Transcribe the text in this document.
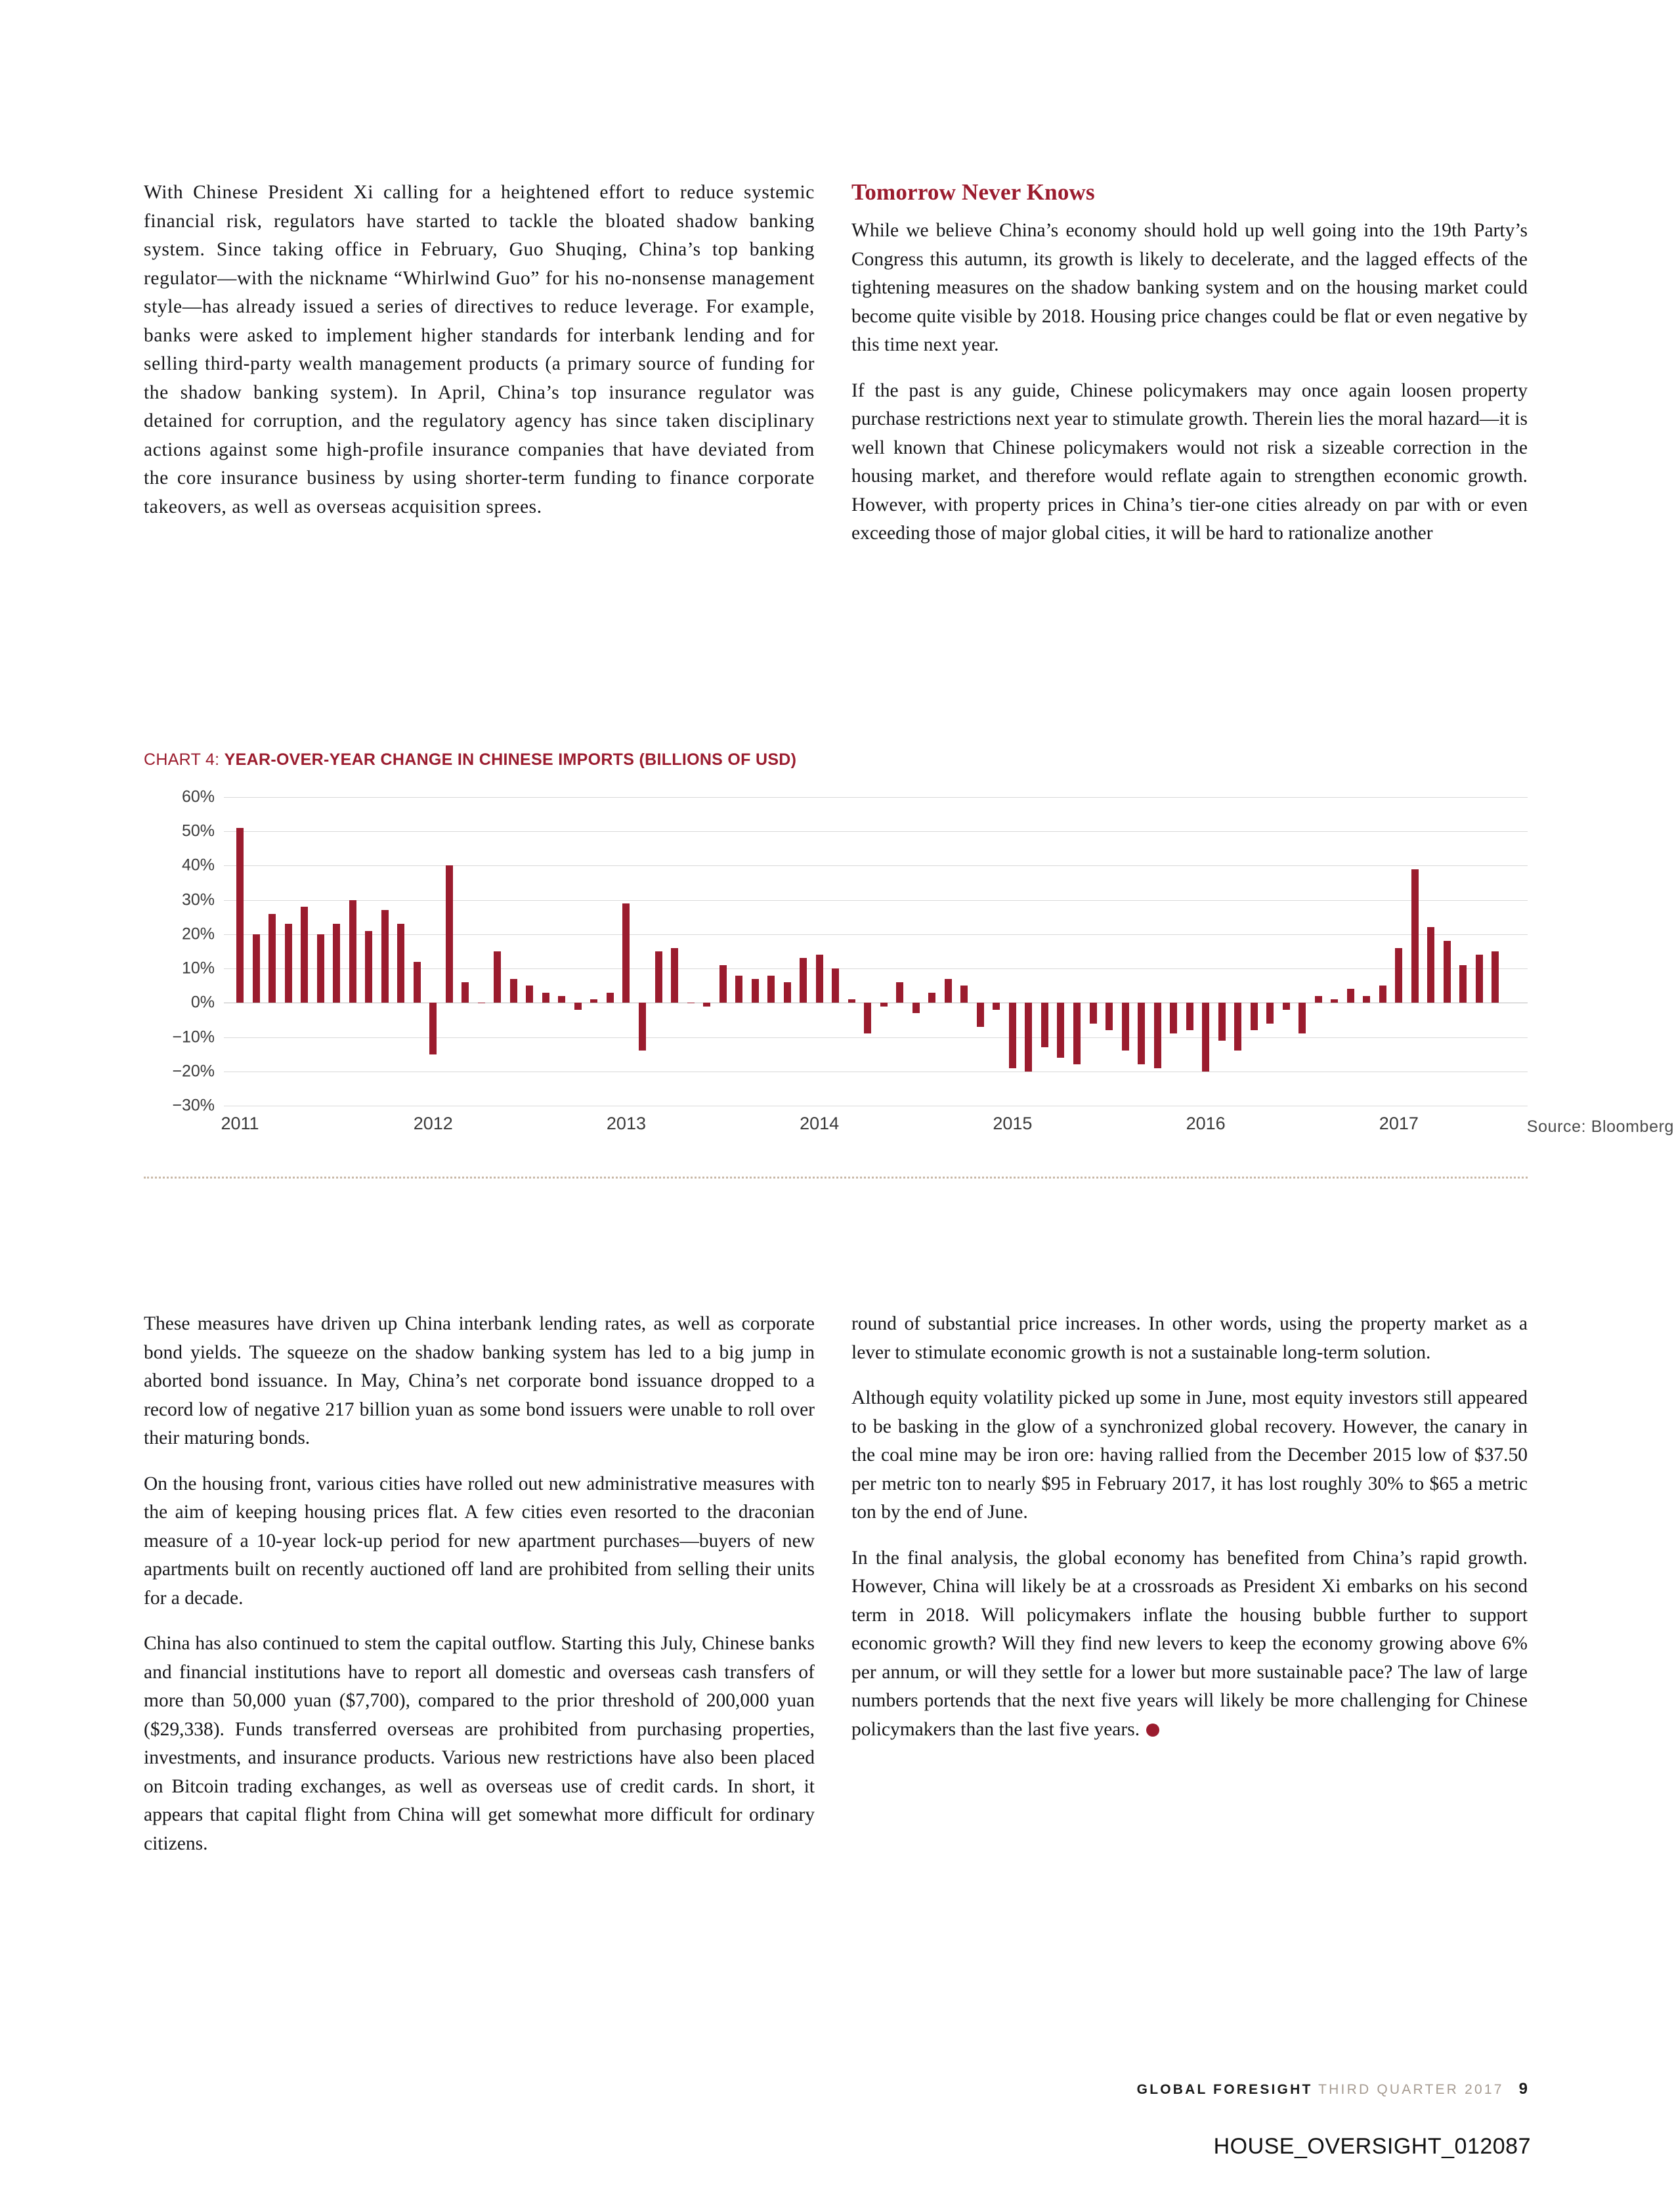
With Chinese President Xi calling for a heightened effort to reduce systemic financial risk, regulators have started to tackle the bloated shadow banking system. Since taking office in February, Guo Shuqing, China’s top banking regulator—with the nickname “Whirlwind Guo” for his no-nonsense management style—has already issued a series of directives to reduce leverage. For example, banks were asked to implement higher standards for interbank lending and for selling third-party wealth management products (a primary source of funding for the shadow banking system). In April, China’s top insurance regulator was detained for corruption, and the regulatory agency has since taken disciplinary actions against some high-profile insurance companies that have deviated from the core insurance business by using shorter-term funding to finance corporate takeovers, as well as overseas acquisition sprees.

Tomorrow Never Knows

While we believe China’s economy should hold up well going into the 19th Party’s Congress this autumn, its growth is likely to decelerate, and the lagged effects of the tightening measures on the shadow banking system and on the housing market could become quite visible by 2018. Housing price changes could be flat or even negative by this time next year.

If the past is any guide, Chinese policymakers may once again loosen property purchase restrictions next year to stimulate growth. Therein lies the moral hazard—it is well known that Chinese policymakers would not risk a sizeable correction in the housing market, and therefore would reflate again to strengthen economic growth. However, with property prices in China’s tier-one cities already on par with or even exceeding those of major global cities, it will be hard to rationalize another

CHART 4: YEAR-OVER-YEAR CHANGE IN CHINESE IMPORTS (BILLIONS OF USD)
60%
50%
40%
30%
20%
10%
0%
−10%
−20%
−30%
2011	2012	2013	2014	2015	2016	2017	Source: Bloomberg

These measures have driven up China interbank lending rates, as well as corporate bond yields. The squeeze on the shadow banking system has led to a big jump in aborted bond issuance. In May, China’s net corporate bond issuance dropped to a record low of negative 217 billion yuan as some bond issuers were unable to roll over their maturing bonds.

On the housing front, various cities have rolled out new administrative measures with the aim of keeping housing prices flat. A few cities even resorted to the draconian measure of a 10-year lock-up period for new apartment purchases—buyers of new apartments built on recently auctioned off land are prohibited from selling their units for a decade.

China has also continued to stem the capital outflow. Starting this July, Chinese banks and financial institutions have to report all domestic and overseas cash transfers of more than 50,000 yuan ($7,700), compared to the prior threshold of 200,000 yuan ($29,338). Funds transferred overseas are prohibited from purchasing properties, investments, and insurance products. Various new restrictions have also been placed on Bitcoin trading exchanges, as well as overseas use of credit cards. In short, it appears that capital flight from China will get somewhat more difficult for ordinary citizens.

round of substantial price increases. In other words, using the property market as a lever to stimulate economic growth is not a sustainable long-term solution.

Although equity volatility picked up some in June, most equity investors still appeared to be basking in the glow of a synchronized global recovery. However, the canary in the coal mine may be iron ore: having rallied from the December 2015 low of $37.50 per metric ton to nearly $95 in February 2017, it has lost roughly 30% to $65 a metric ton by the end of June.

In the final analysis, the global economy has benefited from China’s rapid growth. However, China will likely be at a crossroads as President Xi embarks on his second term in 2018. Will policymakers inflate the housing bubble further to support economic growth? Will they find new levers to keep the economy growing above 6% per annum, or will they settle for a lower but more sustainable pace? The law of large numbers portends that the next five years will likely be more challenging for Chinese policymakers than the last five years.

GLOBAL FORESIGHT THIRD QUARTER 2017 9
HOUSE_OVERSIGHT_012087
